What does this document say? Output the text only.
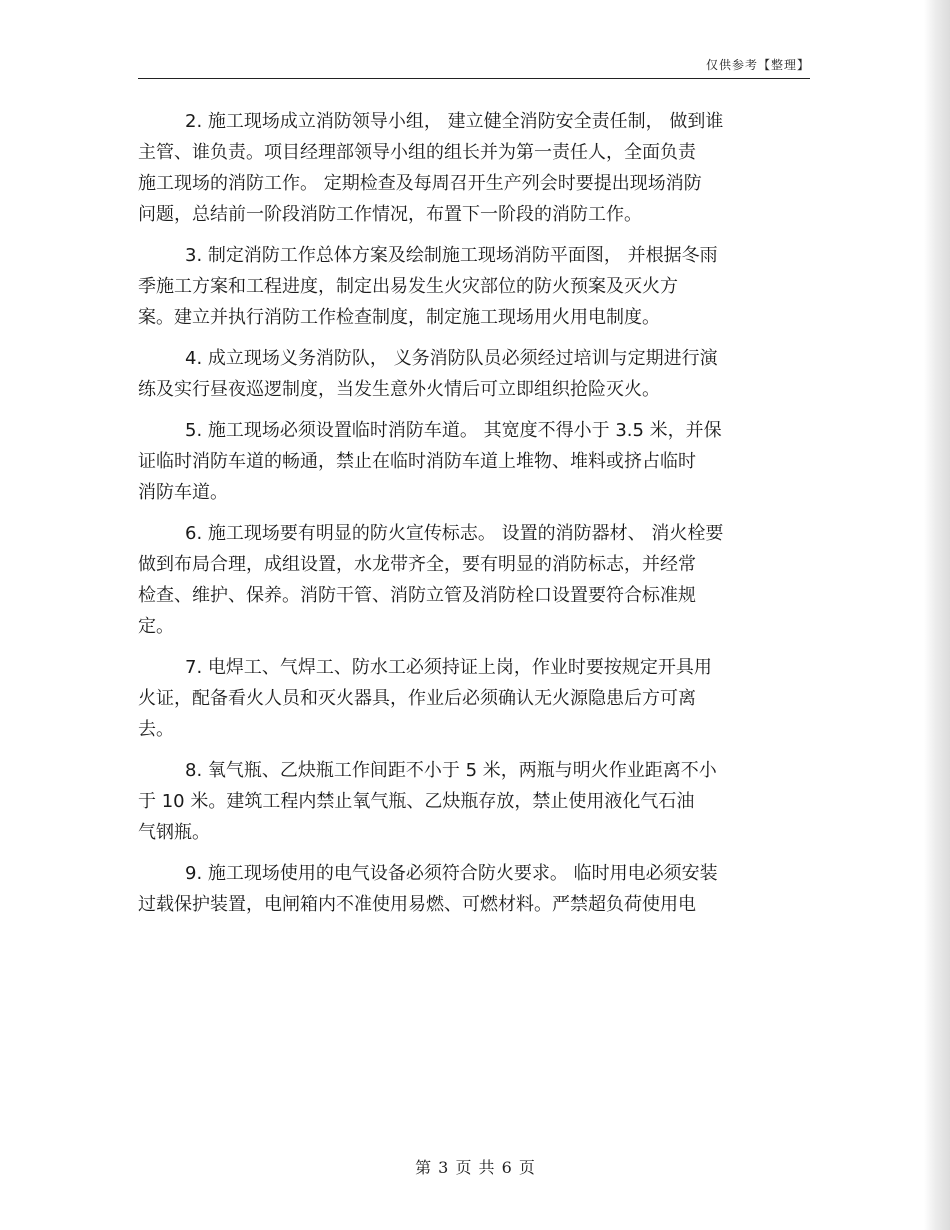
仅供参考【整理】
2. 施工现场成立消防领导小组， 建立健全消防安全责任制， 做到谁
主管、谁负责。项目经理部领导小组的组长并为第一责任人，全面负责
施工现场的消防工作。 定期检查及每周召开生产列会时要提出现场消防
问题，总结前一阶段消防工作情况，布置下一阶段的消防工作。
3. 制定消防工作总体方案及绘制施工现场消防平面图， 并根据冬雨
季施工方案和工程进度，制定出易发生火灾部位的防火预案及灭火方
案。建立并执行消防工作检查制度，制定施工现场用火用电制度。
4. 成立现场义务消防队， 义务消防队员必须经过培训与定期进行演
练及实行昼夜巡逻制度，当发生意外火情后可立即组织抢险灭火。
5. 施工现场必须设置临时消防车道。 其宽度不得小于 3.5 米，并保
证临时消防车道的畅通，禁止在临时消防车道上堆物、堆料或挤占临时
消防车道。
6. 施工现场要有明显的防火宣传标志。 设置的消防器材、 消火栓要
做到布局合理，成组设置，水龙带齐全，要有明显的消防标志，并经常
检查、维护、保养。消防干管、消防立管及消防栓口设置要符合标准规
定。
7. 电焊工、气焊工、防水工必须持证上岗，作业时要按规定开具用
火证，配备看火人员和灭火器具，作业后必须确认无火源隐患后方可离
去。
8. 氧气瓶、乙炔瓶工作间距不小于 5 米，两瓶与明火作业距离不小
于 10 米。建筑工程内禁止氧气瓶、乙炔瓶存放，禁止使用液化气石油
气钢瓶。
9. 施工现场使用的电气设备必须符合防火要求。 临时用电必须安装
过载保护装置，电闸箱内不准使用易燃、可燃材料。严禁超负荷使用电
第 3 页 共 6 页
